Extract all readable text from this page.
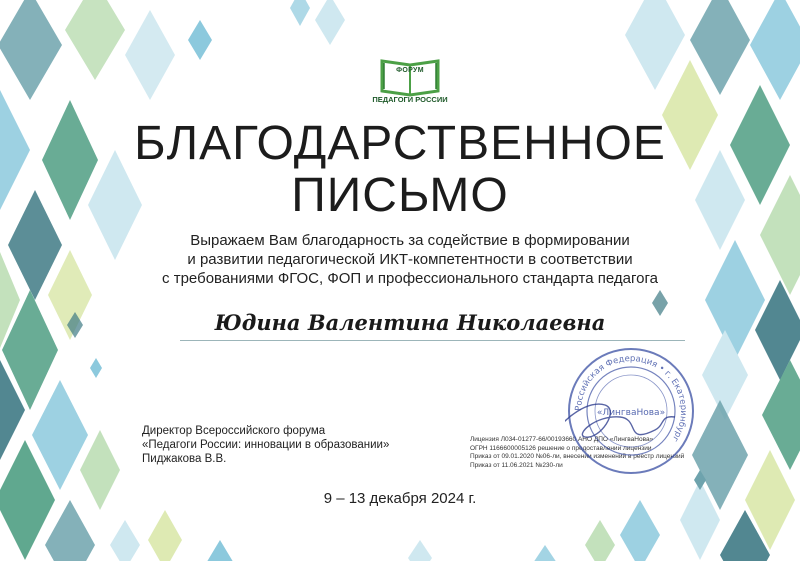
ФОРУМ
ПЕДАГОГИ РОССИИ
БЛАГОДАРСТВЕННОЕ
ПИСЬМО
Выражаем Вам благодарность за содействие в формировании
и развитии педагогической ИКТ-компетентности в соответствии
с требованиями ФГОС, ФОП и профессионального стандарта педагога
Юдина Валентина Николаевна
Директор Всероссийского форума
«Педагоги России: инновации в образовании»
Пиджакова В.В.
Лицензия Л034-01277-66/00193660 АНО ДПО «ЛингваНова»
ОГРН 1166600005126 решение о предоставлении лицензии
Приказ от 09.01.2020 №06-ли, внесении изменений в реестр лицензий
Приказ от 11.06.2021 №230-ли
Российская Федерация • г. Екатеринбург
«ЛингваНова»
9 – 13 декабря 2024 г.
